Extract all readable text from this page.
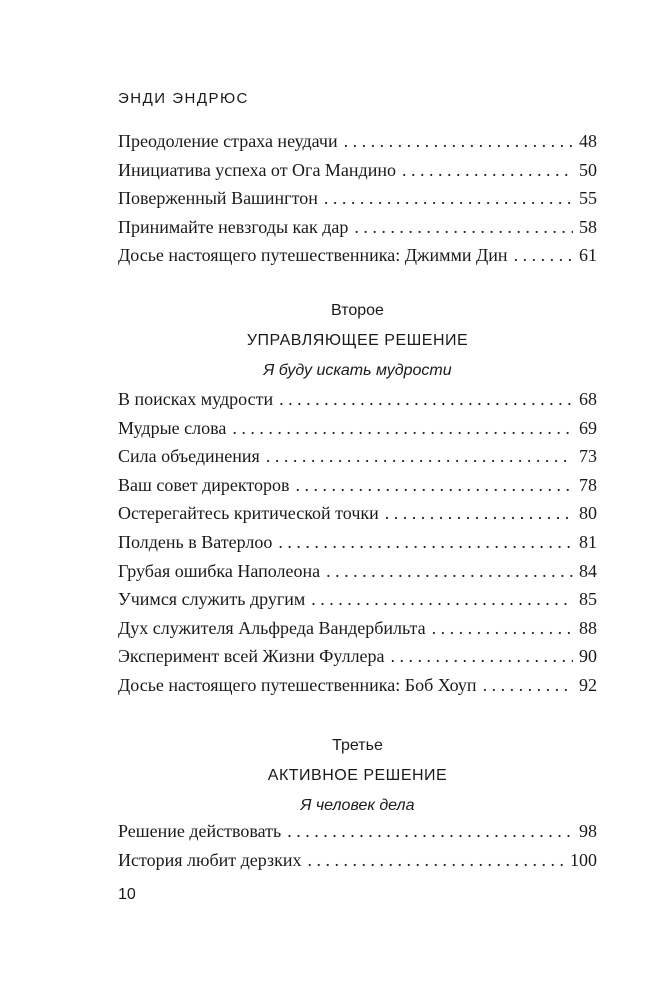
ЭНДИ ЭНДРЮС
Преодоление страха неудачи . . .	48
Инициатива успеха от Ога Мандино . . .	50
Поверженный Вашингтон . . .	55
Принимайте невзгоды как дар . . .	58
Досье настоящего путешественника: Джимми Дин . . .	61
Второе
УПРАВЛЯЮЩЕЕ РЕШЕНИЕ
Я буду искать мудрости
В поисках мудрости . . .	68
Мудрые слова . . .	69
Сила объединения . . .	73
Ваш совет директоров . . .	78
Остерегайтесь критической точки . . .	80
Полдень в Ватерлоо . . .	81
Грубая ошибка Наполеона . . .	84
Учимся служить другим . . .	85
Дух служителя Альфреда Вандербильта . . .	88
Эксперимент всей Жизни Фуллера . . .	90
Досье настоящего путешественника: Боб Хоуп . . .	92
Третье
АКТИВНОЕ РЕШЕНИЕ
Я человек дела
Решение действовать . . .	98
История любит дерзких . . .	100
10
